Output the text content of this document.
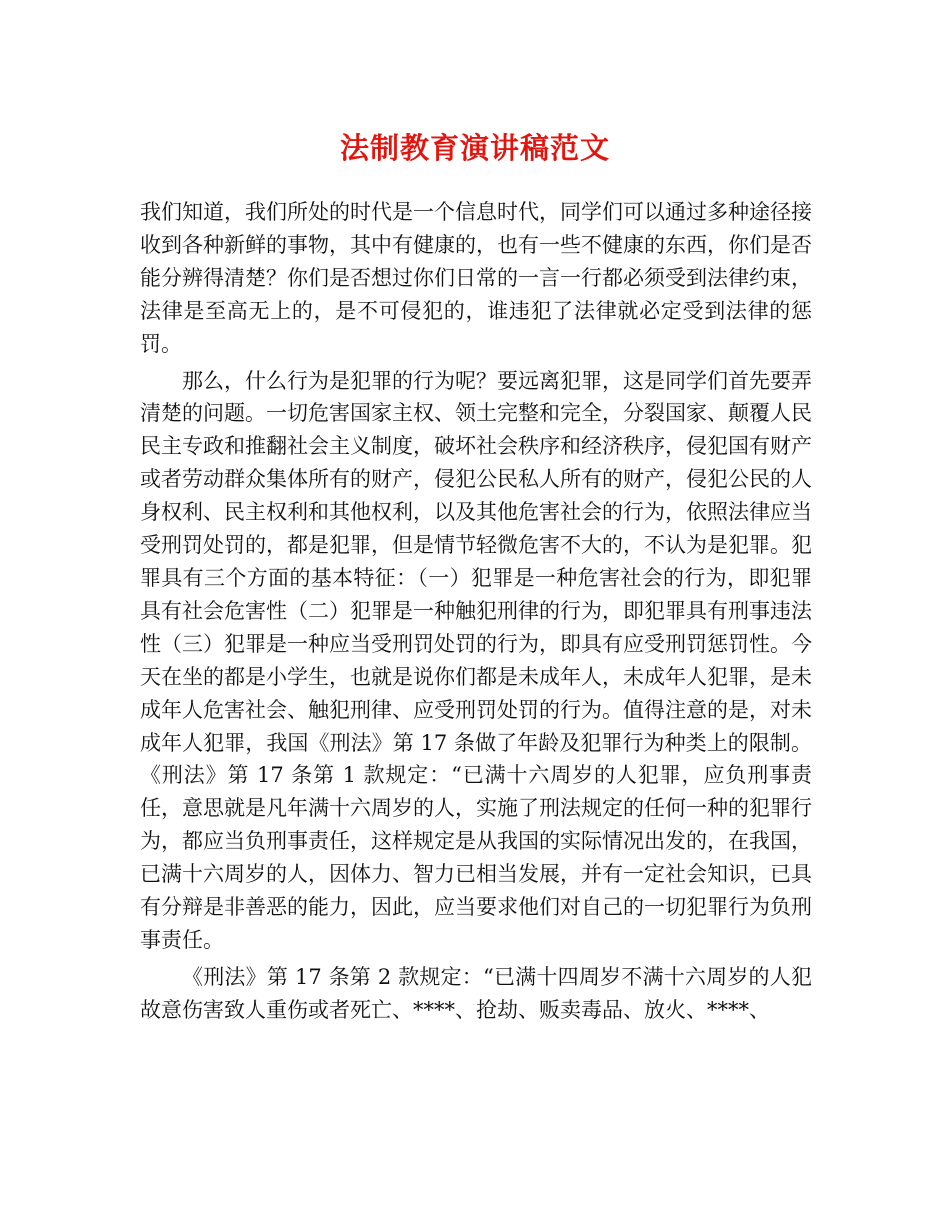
法制教育演讲稿范文

我们知道，我们所处的时代是一个信息时代，同学们可以通过多种途径接收到各种新鲜的事物，其中有健康的，也有一些不健康的东西，你们是否能分辨得清楚？你们是否想过你们日常的一言一行都必须受到法律约束，法律是至高无上的，是不可侵犯的，谁违犯了法律就必定受到法律的惩罚。

那么，什么行为是犯罪的行为呢？要远离犯罪，这是同学们首先要弄清楚的问题。一切危害国家主权、领土完整和完全，分裂国家、颠覆人民民主专政和推翻社会主义制度，破坏社会秩序和经济秩序，侵犯国有财产或者劳动群众集体所有的财产，侵犯公民私人所有的财产，侵犯公民的人身权利、民主权利和其他权利，以及其他危害社会的行为，依照法律应当受刑罚处罚的，都是犯罪，但是情节轻微危害不大的，不认为是犯罪。犯罪具有三个方面的基本特征：（一）犯罪是一种危害社会的行为，即犯罪具有社会危害性（二）犯罪是一种触犯刑律的行为，即犯罪具有刑事违法性（三）犯罪是一种应当受刑罚处罚的行为，即具有应受刑罚惩罚性。今天在坐的都是小学生，也就是说你们都是未成年人，未成年人犯罪，是未成年人危害社会、触犯刑律、应受刑罚处罚的行为。值得注意的是，对未成年人犯罪，我国《刑法》第 17 条做了年龄及犯罪行为种类上的限制。《刑法》第 17 条第 1 款规定：“已满十六周岁的人犯罪，应负刑事责任，意思就是凡年满十六周岁的人，实施了刑法规定的任何一种的犯罪行为，都应当负刑事责任，这样规定是从我国的实际情况出发的，在我国，已满十六周岁的人，因体力、智力已相当发展，并有一定社会知识，已具有分辩是非善恶的能力，因此，应当要求他们对自己的一切犯罪行为负刑事责任。

《刑法》第 17 条第 2 款规定：“已满十四周岁不满十六周岁的人犯故意伤害致人重伤或者死亡、****、抢劫、贩卖毒品、放火、****、
